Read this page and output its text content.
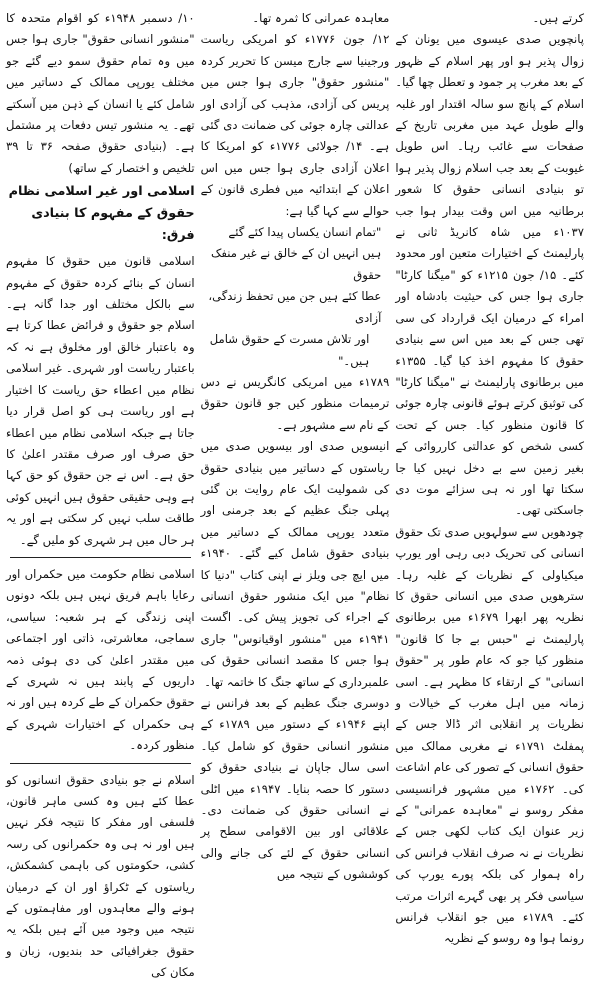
کرتے ہیں۔

پانچویں صدی عیسوی میں یونان کے زوال پذیر ہو اور پھر اسلام کے ظہور کے بعد مغرب پر جمود و تعطل چھا گیا۔ اسلام کے پانچ سو سالہ اقتدار اور غلبہ والے طویل عہد میں مغربی تاریخ کے صفحات سے غائب رہا۔ اس طویل غیوبت کے بعد جب اسلام زوال پذیر ہوا تو بنیادی انسانی حقوق کا شعور برطانیہ میں اس وقت بیدار ہوا جب ۱۰۳۷ء میں شاہ کانریڈ ثانی نے پارلیمنٹ کے اختیارات متعین اور محدود کئے۔ ۱۵/ جون ۱۲۱۵ء کو "میگنا کارٹا" جاری ہوا جس کی حیثیت بادشاہ اور امراء کے درمیان ایک قرارداد کی سی تھی جس کے بعد میں اس سے بنیادی حقوق کا مفہوم اخذ کیا گیا۔ ۱۳۵۵ء میں برطانوی پارلیمنٹ نے "میگنا کارٹا" کی توثیق کرتے ہوئے قانونی چارہ جوئی کا قانون منظور کیا۔ جس کے تحت کسی شخص کو عدالتی کارروائی کے بغیر زمین سے بے دخل نہیں کیا جا سکتا تھا اور نہ ہی سزائے موت دی جاسکتی تھی۔

چودھویں سے سولہویں صدی تک حقوق انسانی کی تحریک دبی رہی اور یورپ میکیاولی کے نظریات کے غلبہ رہا۔ سترھویں صدی میں انسانی حقوق کا نظریہ پھر ابھرا ۱۶۷۹ء میں برطانوی پارلیمنٹ نے "حبس بے جا کا قانون" منظور کیا جو کہ عام طور پر "حقوق انسانی" کے ارتقاء کا مظہر ہے۔ اسی زمانہ میں اہل مغرب کے خیالات و نظریات پر انقلابی اثر ڈالا جس کے پمفلٹ ۱۷۹۱ء نے مغربی ممالک میں حقوق انسانی کے تصور کی عام اشاعت کی۔ ۱۷۶۲ء میں مشہور فرانسیسی مفکر روسو نے "معاہدہ عمرانی" کے زیر عنوان ایک کتاب لکھی جس کے نظریات نے نہ صرف انقلاب فرانس کی راہ ہموار کی بلکہ پورے یورپ کی سیاسی فکر پر بھی گہرے اثرات مرتب کئے۔ ۱۷۸۹ء میں جو انقلاب فرانس رونما ہوا وہ روسو کے نظریہ

معاہدہ عمرانی کا ثمرہ تھا۔

۱۲/ جون ۱۷۷۶ء کو امریکی ریاست ورجینیا سے جارج میسن کا تحریر کردہ "منشور حقوق" جاری ہوا جس میں پریس کی آزادی، مذہب کی آزادی اور عدالتی چارہ جوئی کی ضمانت دی گئی ہے۔ ۱۴/ جولائی ۱۷۷۶ء کو امریکا کا اعلان آزادی جاری ہوا جس میں اس اعلان کے ابتدائیہ میں فطری قانون کے حوالے سے کہا گیا ہے:

"تمام انسان یکساں پیدا کئے گئے

ہیں انہیں ان کے خالق نے غیر منفک حقوق

عطا کئے ہیں جن میں تحفظ زندگی، آزادی

اور تلاش مسرت کے حقوق شامل ہیں۔"

۱۷۸۹ء میں امریکی کانگریس نے دس ترمیمات منظور کیں جو قانون حقوق کے نام سے مشہور ہے۔

انیسویں صدی اور بیسویں صدی میں ریاستوں کے دساتیر میں بنیادی حقوق کی شمولیت ایک عام روایت بن گئی پہلی جنگ عظیم کے بعد جرمنی اور متعدد یورپی ممالک کے دساتیر میں بنیادی حقوق شامل کیے گئے۔ ۱۹۴۰ء میں ایچ جی ویلز نے اپنی کتاب "دنیا کا نظام" میں ایک منشور حقوق انسانی کے اجراء کی تجویز پیش کی۔ اگست ۱۹۴۱ء میں "منشور اوقیانوس" جاری ہوا جس کا مقصد انسانی حقوق کی علمبرداری کے ساتھ جنگ کا خاتمہ تھا۔

دوسری جنگ عظیم کے بعد فرانس نے اپنے ۱۹۴۶ء کے دستور میں ۱۷۸۹ء کے منشور انسانی حقوق کو شامل کیا۔ اسی سال جاپان نے بنیادی حقوق کو دستور کا حصہ بنایا۔ ۱۹۴۷ء میں اٹلی نے انسانی حقوق کی ضمانت دی۔ علاقائی اور بین الاقوامی سطح پر انسانی حقوق کے لئے کی جانے والی کوششوں کے نتیجہ میں

۱۰/ دسمبر ۱۹۴۸ء کو اقوام متحدہ کا "منشور انسانی حقوق" جاری ہوا جس میں وہ تمام حقوق سمو دیے گئے جو مختلف یورپی ممالک کے دساتیر میں شامل کئے یا انسان کے ذہن میں آسکتے تھے۔ یہ منشور تیس دفعات پر مشتمل ہے۔ (بنیادی حقوق صفحہ ۳۶ تا ۳۹ تلخیص و اختصار کے ساتھ)

اسلامی اور غیر اسلامی نظام حقوق کے مفہوم کا بنیادی فرق:

اسلامی قانون میں حقوق کا مفہوم انسان کے بنائے کردہ حقوق کے مفہوم سے بالکل مختلف اور جدا گانہ ہے۔ اسلام جو حقوق و فرائض عطا کرتا ہے وہ باعتبار خالق اور مخلوق ہے نہ کہ باعتبار ریاست اور شہری۔ غیر اسلامی نظام میں اعطاء حق ریاست کا اختیار ہے اور ریاست ہی کو اصل قرار دیا جاتا ہے جبکہ اسلامی نظام میں اعطاء حق صرف اور صرف مقتدر اعلیٰ کا حق ہے۔ اس نے جن حقوق کو حق کہا ہے وہی حقیقی حقوق ہیں انہیں کوئی طاقت سلب نہیں کر سکتی ہے اور یہ ہر حال میں ہر شہری کو ملیں گے۔

اسلامی نظام حکومت میں حکمراں اور رعایا باہم فریق نہیں ہیں بلکہ دونوں اپنی زندگی کے ہر شعبہ: سیاسی، سماجی، معاشرتی، ذاتی اور اجتماعی میں مقتدر اعلیٰ کی دی ہوئی ذمہ داریوں کے پابند ہیں نہ شہری کے حقوق حکمران کے طے کردہ ہیں اور نہ ہی حکمراں کے اختیارات شہری کے منظور کردہ۔

اسلام نے جو بنیادی حقوق انسانوں کو عطا کئے ہیں وہ کسی ماہر قانون، فلسفی اور مفکر کا نتیجہ فکر نہیں ہیں اور نہ ہی وہ حکمرانوں کی رسہ کشی، حکومتوں کی باہمی کشمکش، ریاستوں کے ٹکراؤ اور ان کے درمیان ہونے والے معاہدوں اور مفاہمتوں کے نتیجہ میں وجود میں آئے ہیں بلکہ یہ حقوق جغرافیائی حد بندیوں، زبان و مکان کی
